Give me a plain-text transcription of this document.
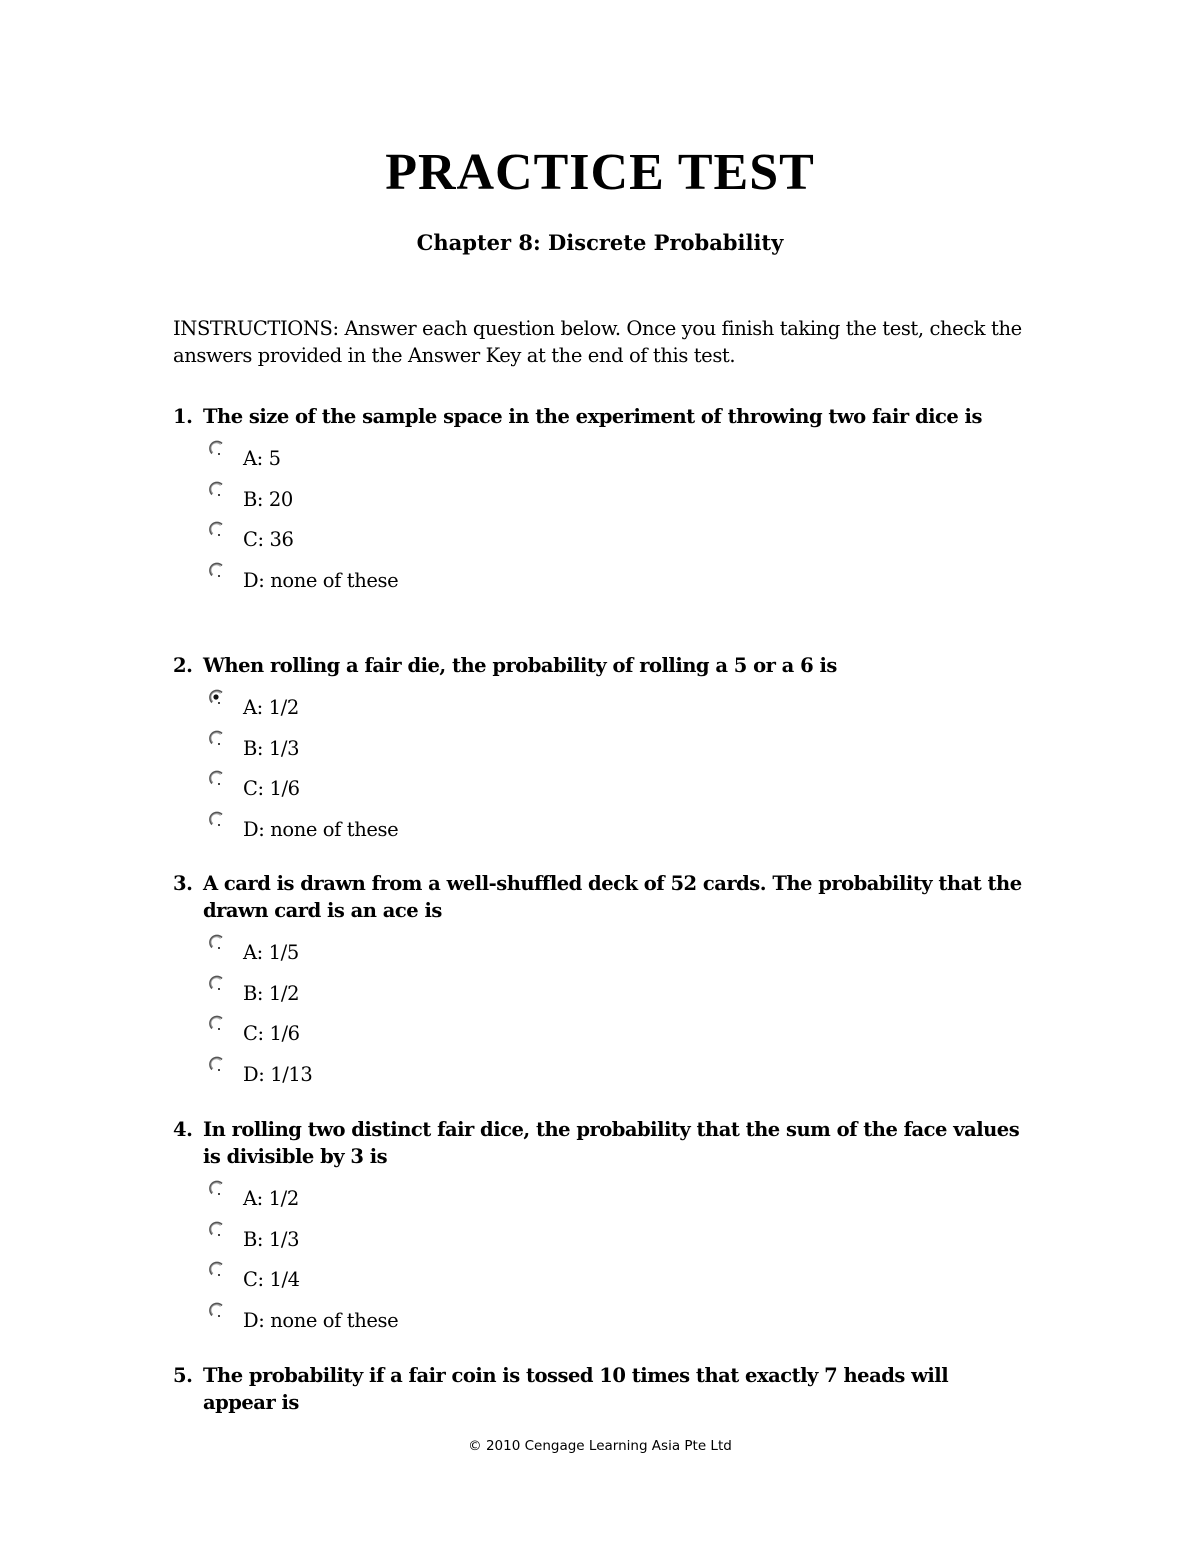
PRACTICE TEST
Chapter 8: Discrete Probability

INSTRUCTIONS: Answer each question below. Once you finish taking the test, check the answers provided in the Answer Key at the end of this test.

1. The size of the sample space in the experiment of throwing two fair dice is
A: 5
B: 20
C: 36
D: none of these
2. When rolling a fair die, the probability of rolling a 5 or a 6 is
A: 1/2
B: 1/3
C: 1/6
D: none of these
3. A card is drawn from a well-shuffled deck of 52 cards. The probability that the drawn card is an ace is
A: 1/5
B: 1/2
C: 1/6
D: 1/13
4. In rolling two distinct fair dice, the probability that the sum of the face values is divisible by 3 is
A: 1/2
B: 1/3
C: 1/4
D: none of these
5. The probability if a fair coin is tossed 10 times that exactly 7 heads will appear is
© 2010 Cengage Learning Asia Pte Ltd
